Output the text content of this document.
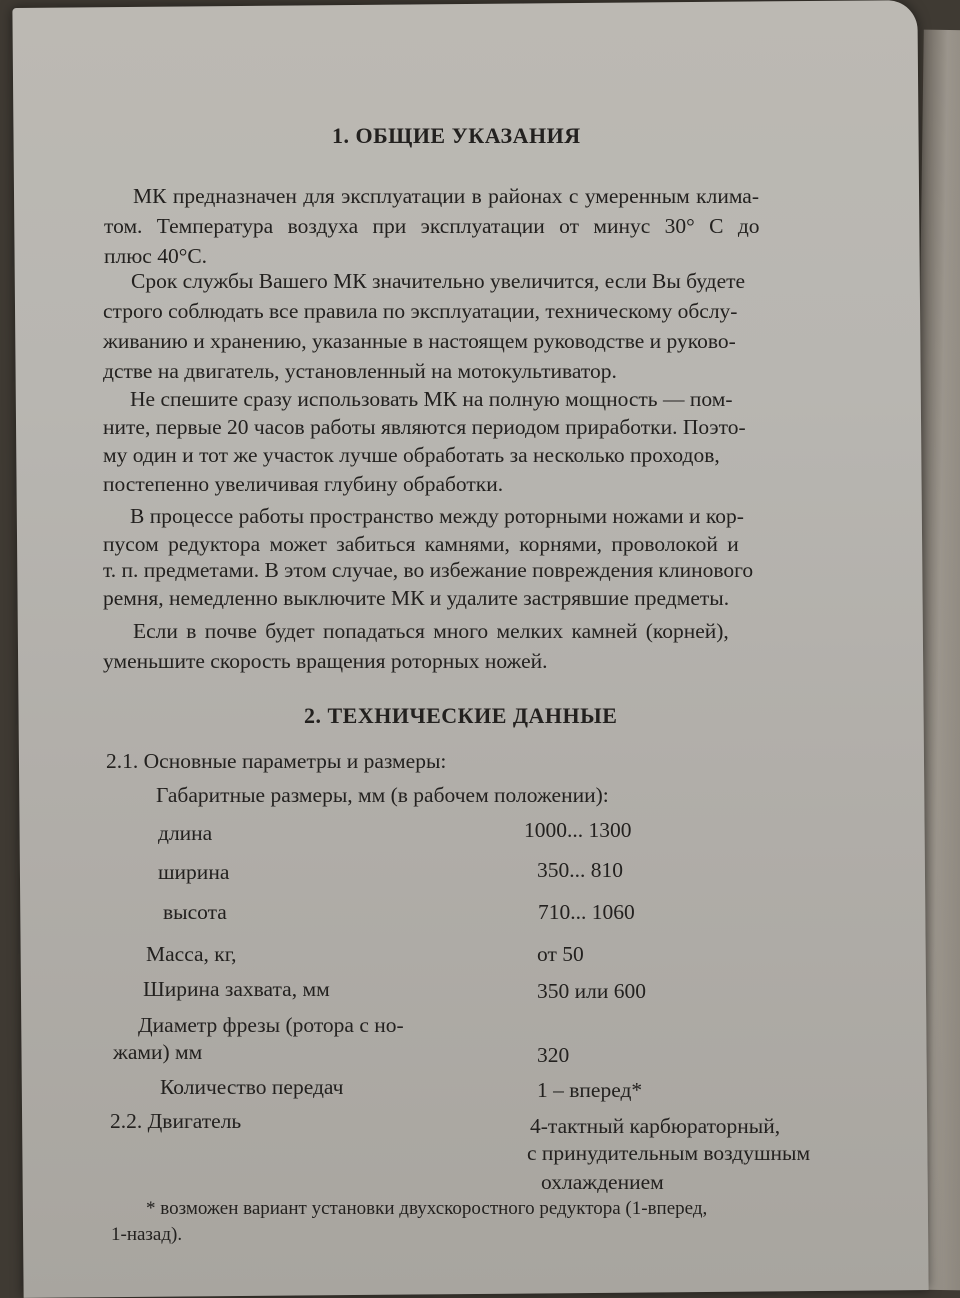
1. ОБЩИЕ УКАЗАНИЯ
МК предназначен для эксплуатации в районах с умеренным клима-
том. Температура воздуха при эксплуатации от минус 30° С до
плюс 40°С.
Срок службы Вашего МК значительно увеличится, если Вы будете
строго соблюдать все правила по эксплуатации, техническому обслу-
живанию и хранению, указанные в настоящем руководстве и руково-
дстве на двигатель, установленный на мотокультиватор.
Не спешите сразу использовать МК на полную мощность — пом-
ните, первые 20 часов работы являются периодом приработки. Поэто-
му один и тот же участок лучше обработать за несколько проходов,
постепенно увеличивая глубину обработки.
В процессе работы пространство между роторными ножами и кор-
пусом редуктора может забиться камнями, корнями, проволокой и
т. п. предметами. В этом случае, во избежание повреждения клинового
ремня, немедленно выключите МК и удалите застрявшие предметы.
Если в почве будет попадаться много мелких камней (корней),
уменьшите скорость вращения роторных ножей.
2. ТЕХНИЧЕСКИЕ ДАННЫЕ
2.1. Основные параметры и размеры:
Габаритные размеры, мм (в рабочем положении):
длина	1000... 1300
ширина	350... 810
высота	710... 1060
Масса, кг,	от 50
Ширина захвата, мм	350 или 600
Диаметр фрезы (ротора с но-
жами) мм	320
Количество передач	1 – вперед*
2.2. Двигатель	4-тактный карбюраторный,
с принудительным воздушным
охлаждением
* возможен вариант установки двухскоростного редуктора (1-вперед,
1-назад).
